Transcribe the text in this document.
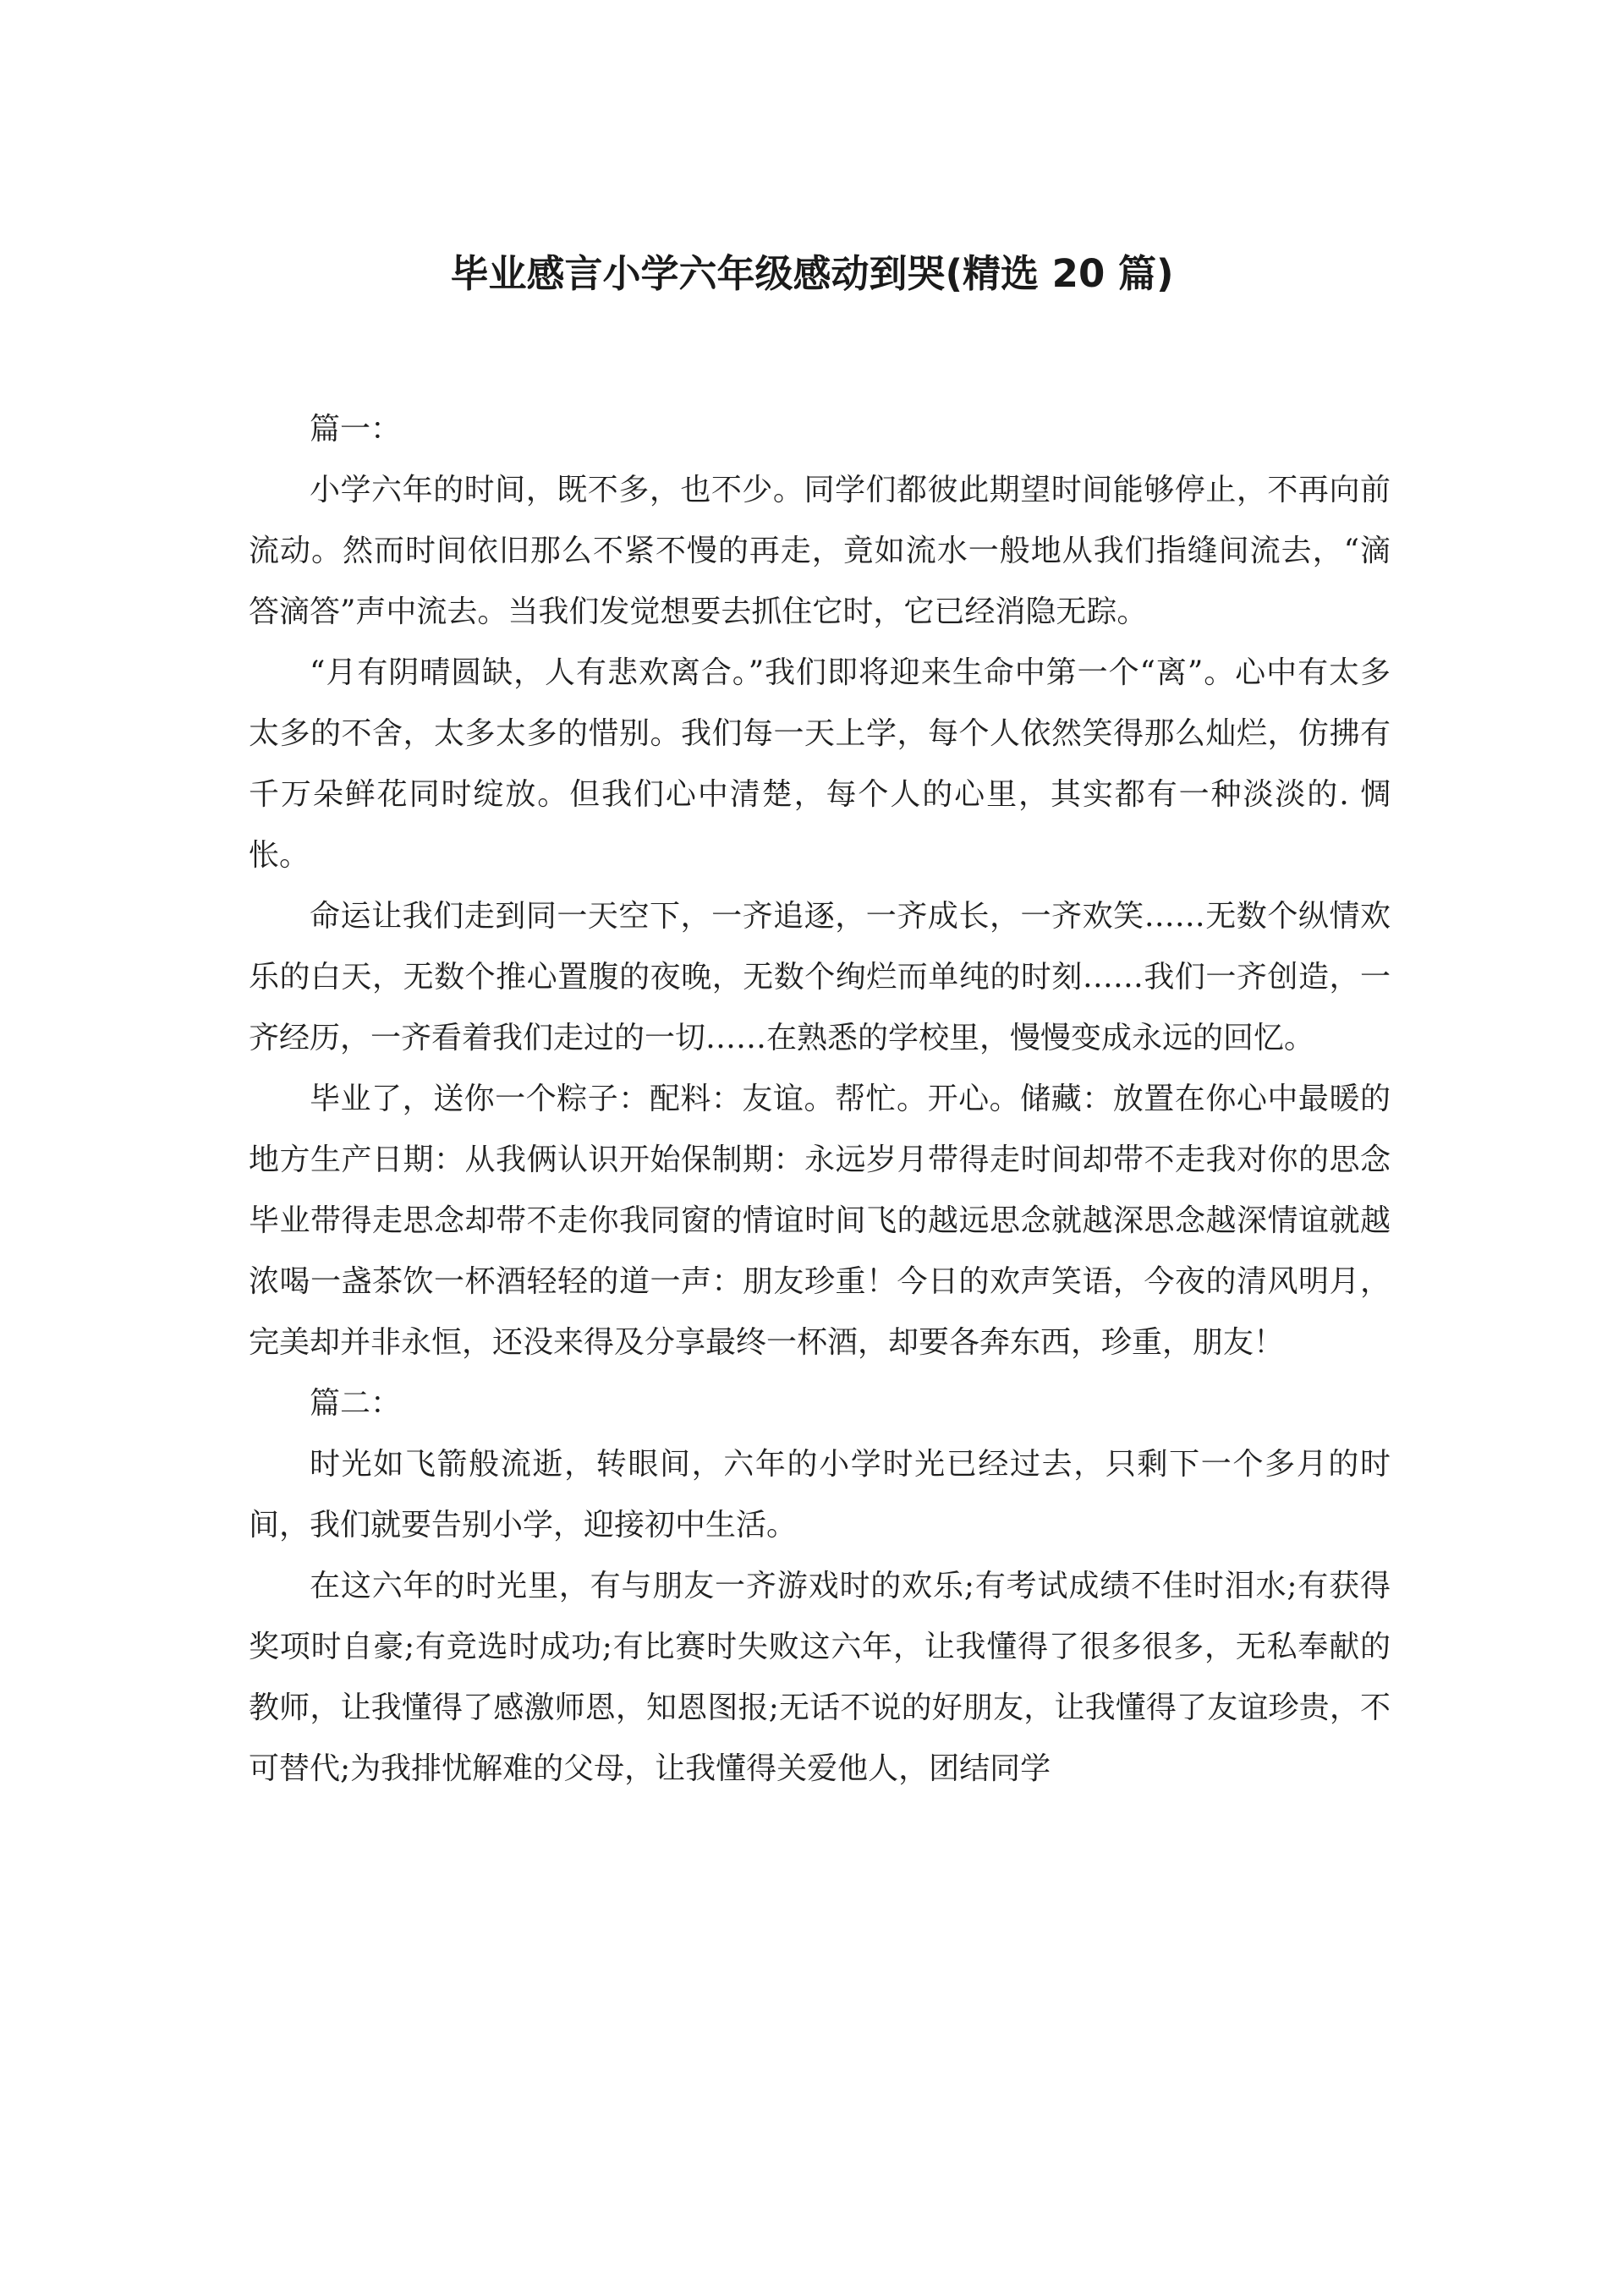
毕业感言小学六年级感动到哭(精选 20 篇)

篇一：

小学六年的时间，既不多，也不少。同学们都彼此期望时间能够停止，不再向前流动。然而时间依旧那么不紧不慢的再走，竟如流水一般地从我们指缝间流去，“滴答滴答”声中流去。当我们发觉想要去抓住它时，它已经消隐无踪。

“月有阴晴圆缺，人有悲欢离合。”我们即将迎来生命中第一个“离”。心中有太多太多的不舍，太多太多的惜别。我们每一天上学，每个人依然笑得那么灿烂，仿拂有千万朵鲜花同时绽放。但我们心中清楚，每个人的心里，其实都有一种淡淡的. 惆怅。

命运让我们走到同一天空下，一齐追逐，一齐成长，一齐欢笑……无数个纵情欢乐的白天，无数个推心置腹的夜晚，无数个绚烂而单纯的时刻……我们一齐创造，一齐经历，一齐看着我们走过的一切……在熟悉的学校里，慢慢变成永远的回忆。

毕业了，送你一个粽子：配料：友谊。帮忙。开心。储藏：放置在你心中最暖的地方生产日期：从我俩认识开始保制期：永远岁月带得走时间却带不走我对你的思念毕业带得走思念却带不走你我同窗的情谊时间飞的越远思念就越深思念越深情谊就越浓喝一盏茶饮一杯酒轻轻的道一声：朋友珍重！今日的欢声笑语，今夜的清风明月，完美却并非永恒，还没来得及分享最终一杯酒，却要各奔东西，珍重，朋友！

篇二：

时光如飞箭般流逝，转眼间，六年的小学时光已经过去，只剩下一个多月的时间，我们就要告别小学，迎接初中生活。

在这六年的时光里，有与朋友一齐游戏时的欢乐;有考试成绩不佳时泪水;有获得奖项时自豪;有竞选时成功;有比赛时失败这六年，让我懂得了很多很多，无私奉献的教师，让我懂得了感激师恩，知恩图报;无话不说的好朋友，让我懂得了友谊珍贵，不可替代;为我排忧解难的父母，让我懂得关爱他人，团结同学
